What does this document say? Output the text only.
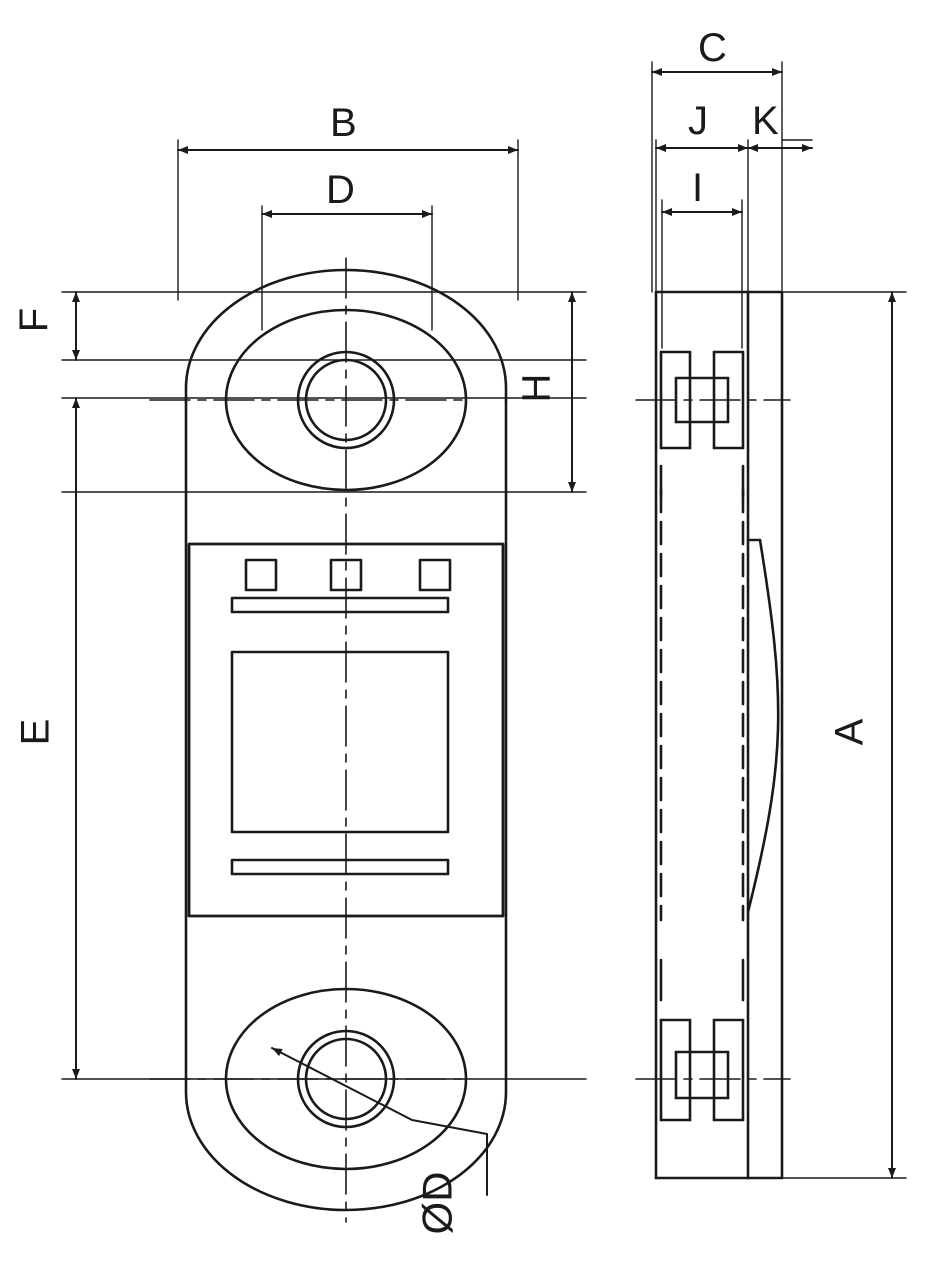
B
D
F
H
E
C
J K
I
A
ØD
